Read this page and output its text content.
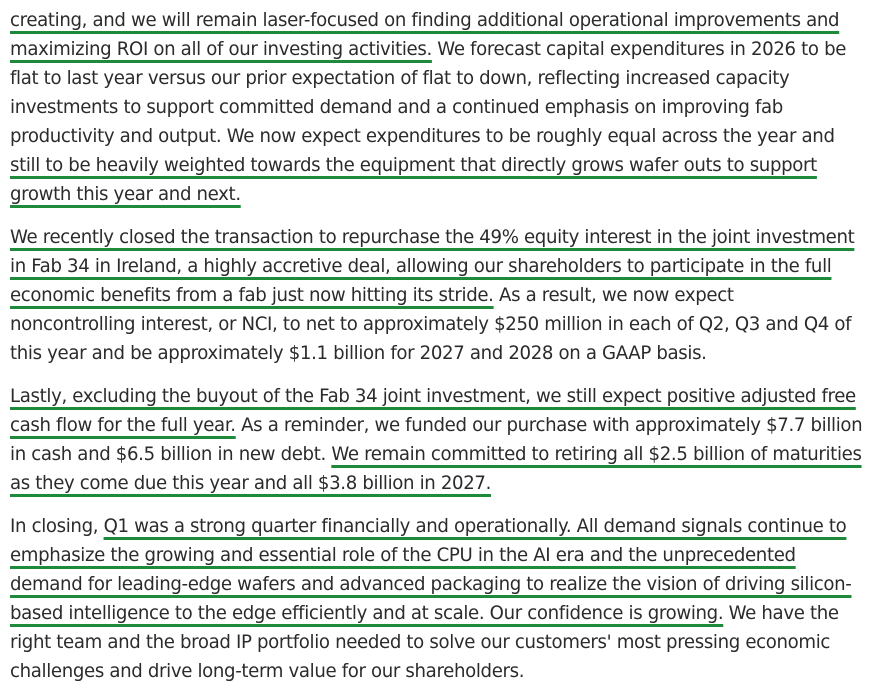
creating, and we will remain laser-focused on finding additional operational improvements and
maximizing ROI on all of our investing activities. We forecast capital expenditures in 2026 to be
flat to last year versus our prior expectation of flat to down, reflecting increased capacity
investments to support committed demand and a continued emphasis on improving fab
productivity and output. We now expect expenditures to be roughly equal across the year and
still to be heavily weighted towards the equipment that directly grows wafer outs to support
growth this year and next.

We recently closed the transaction to repurchase the 49% equity interest in the joint investment
in Fab 34 in Ireland, a highly accretive deal, allowing our shareholders to participate in the full
economic benefits from a fab just now hitting its stride. As a result, we now expect
noncontrolling interest, or NCI, to net to approximately $250 million in each of Q2, Q3 and Q4 of
this year and be approximately $1.1 billion for 2027 and 2028 on a GAAP basis.

Lastly, excluding the buyout of the Fab 34 joint investment, we still expect positive adjusted free
cash flow for the full year. As a reminder, we funded our purchase with approximately $7.7 billion
in cash and $6.5 billion in new debt. We remain committed to retiring all $2.5 billion of maturities
as they come due this year and all $3.8 billion in 2027.

In closing, Q1 was a strong quarter financially and operationally. All demand signals continue to
emphasize the growing and essential role of the CPU in the AI era and the unprecedented
demand for leading-edge wafers and advanced packaging to realize the vision of driving silicon-
based intelligence to the edge efficiently and at scale. Our confidence is growing. We have the
right team and the broad IP portfolio needed to solve our customers' most pressing economic
challenges and drive long-term value for our shareholders.
